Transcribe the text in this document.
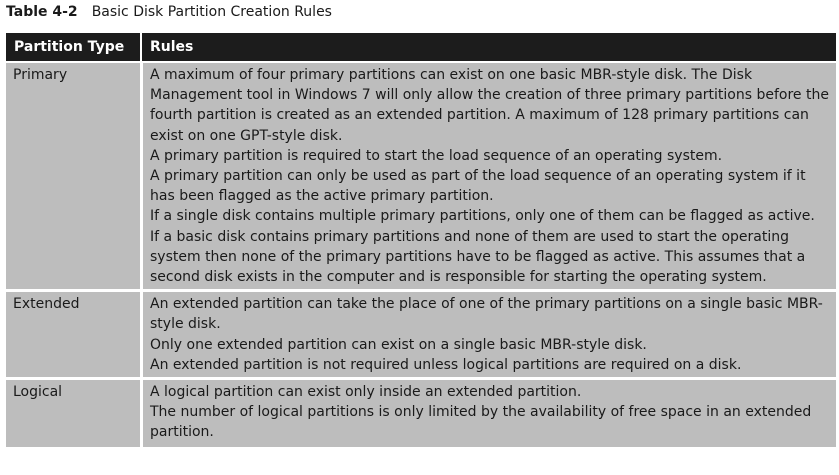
Table 4-2 Basic Disk Partition Creation Rules
Partition Type	Rules
Primary	A maximum of four primary partitions can exist on one basic MBR-style disk. The Disk Management tool in Windows 7 will only allow the creation of three primary partitions before the fourth partition is created as an extended partition. A maximum of 128 primary partitions can exist on one GPT-style disk.
A primary partition is required to start the load sequence of an operating system.
A primary partition can only be used as part of the load sequence of an operating system if it has been flagged as the active primary partition.
If a single disk contains multiple primary partitions, only one of them can be flagged as active.
If a basic disk contains primary partitions and none of them are used to start the operating system then none of the primary partitions have to be flagged as active. This assumes that a second disk exists in the computer and is responsible for starting the operating system.

Extended	An extended partition can take the place of one of the primary partitions on a single basic MBR-style disk.
Only one extended partition can exist on a single basic MBR-style disk.
An extended partition is not required unless logical partitions are required on a disk.

Logical	A logical partition can exist only inside an extended partition.
The number of logical partitions is only limited by the availability of free space in an extended partition.
